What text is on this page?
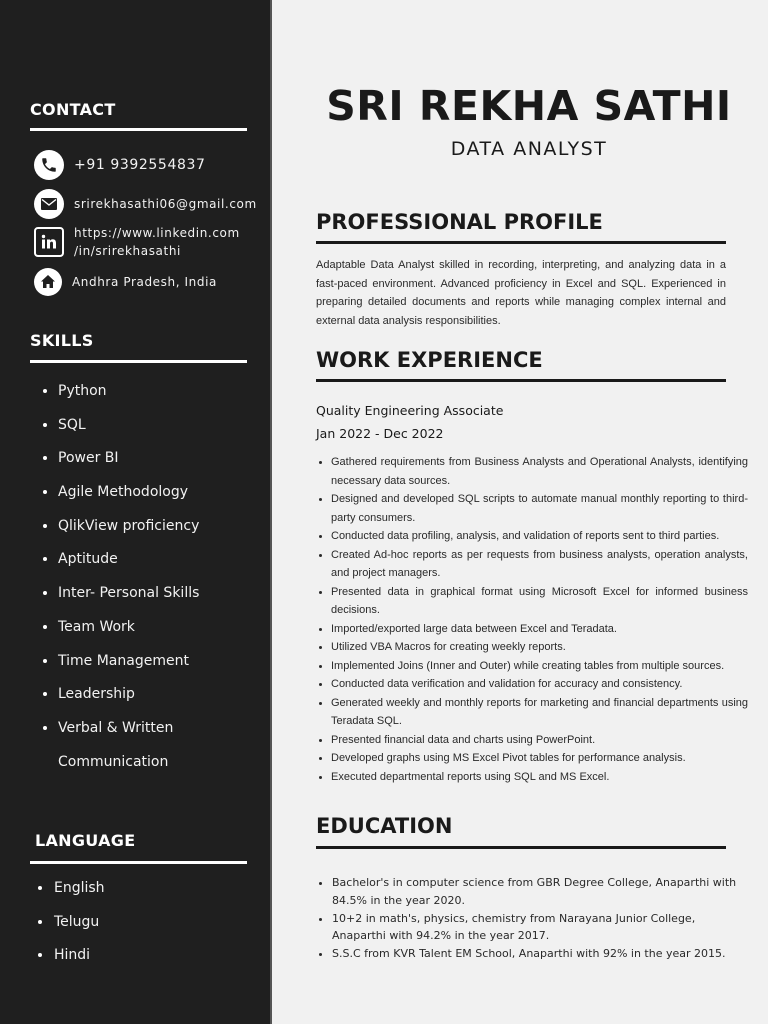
CONTACT
+91 9392554837
srirekhasathi06@gmail.com
https://www.linkedin.com
/in/srirekhasathi
Andhra Pradesh, India
SKILLS
Python
SQL
Power BI
Agile Methodology
QlikView proficiency
Aptitude
Inter- Personal Skills
Team Work
Time Management
Leadership
Verbal & Written
Communication
LANGUAGE
English
Telugu
Hindi
SRI REKHA SATHI
DATA ANALYST
PROFESSIONAL PROFILE

Adaptable Data Analyst skilled in recording, interpreting, and analyzing data in a fast-paced environment. Advanced proficiency in Excel and SQL. Experienced in preparing detailed documents and reports while managing complex internal and external data analysis responsibilities.

WORK EXPERIENCE
Quality Engineering Associate
Jan 2022 - Dec 2022
Gathered requirements from Business Analysts and Operational Analysts, identifying necessary data sources.
Designed and developed SQL scripts to automate manual monthly reporting to third-party consumers.
Conducted data profiling, analysis, and validation of reports sent to third parties.
Created Ad-hoc reports as per requests from business analysts, operation analysts, and project managers.
Presented data in graphical format using Microsoft Excel for informed business decisions.
Imported/exported large data between Excel and Teradata.
Utilized VBA Macros for creating weekly reports.
Implemented Joins (Inner and Outer) while creating tables from multiple sources.
Conducted data verification and validation for accuracy and consistency.
Generated weekly and monthly reports for marketing and financial departments using Teradata SQL.
Presented financial data and charts using PowerPoint.
Developed graphs using MS Excel Pivot tables for performance analysis.
Executed departmental reports using SQL and MS Excel.
EDUCATION
Bachelor's in computer science from GBR Degree College, Anaparthi with 84.5% in the year 2020.
10+2 in math's, physics, chemistry from Narayana Junior College, Anaparthi with 94.2% in the year 2017.
S.S.C from KVR Talent EM School, Anaparthi with 92% in the year 2015.
